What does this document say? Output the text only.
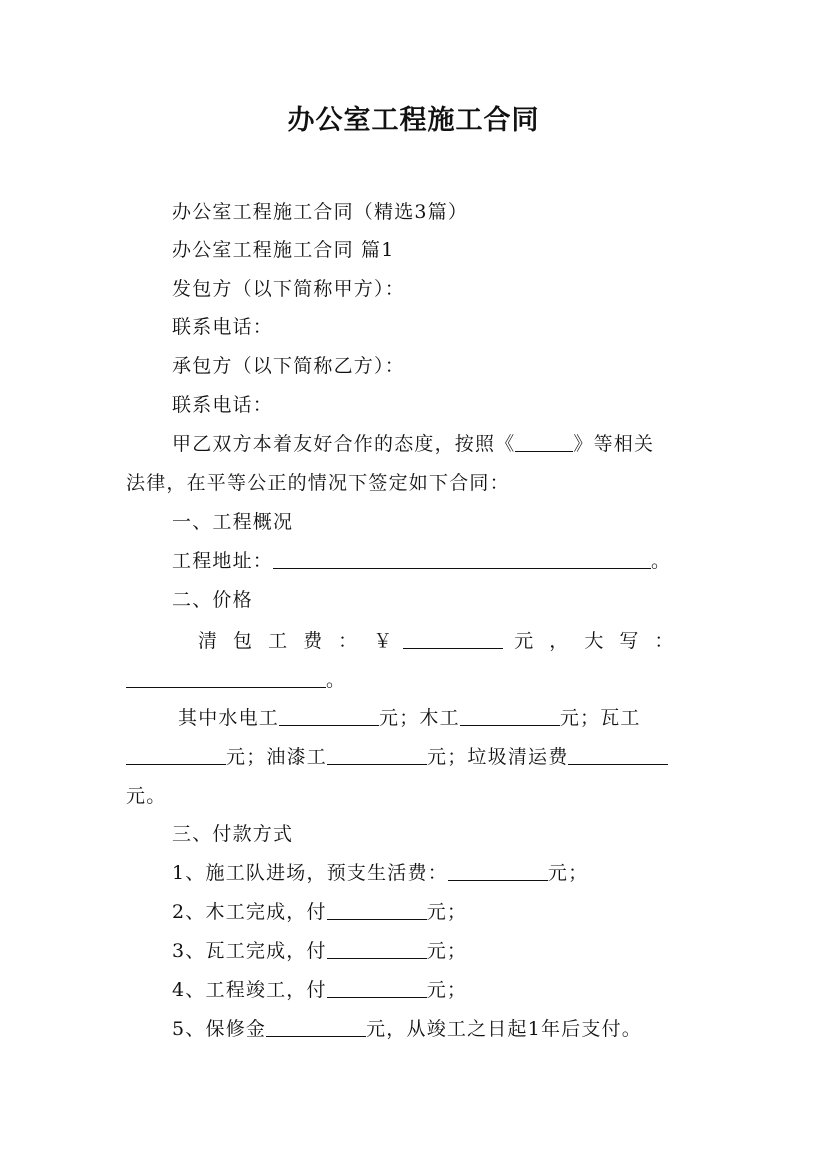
办公室工程施工合同
办公室工程施工合同（精选3篇）
办公室工程施工合同 篇1
发包方（以下简称甲方）：
联系电话：
承包方（以下简称乙方）：
联系电话：
甲乙双方本着友好合作的态度，按照《	》等相关
法律，在平等公正的情况下签定如下合同：
一、工程概况
工程地址：	。
二、价格
清 包 工 费 ： ￥	元 ， 大 写 ：
。
其中水电工	元；木工	元；瓦工
元；油漆工	元；垃圾清运费
元。
三、付款方式
1、施工队进场，预支生活费：	元；
2、木工完成，付	元；
3、瓦工完成，付	元；
4、工程竣工，付	元；
5、保修金	元，从竣工之日起1年后支付。
